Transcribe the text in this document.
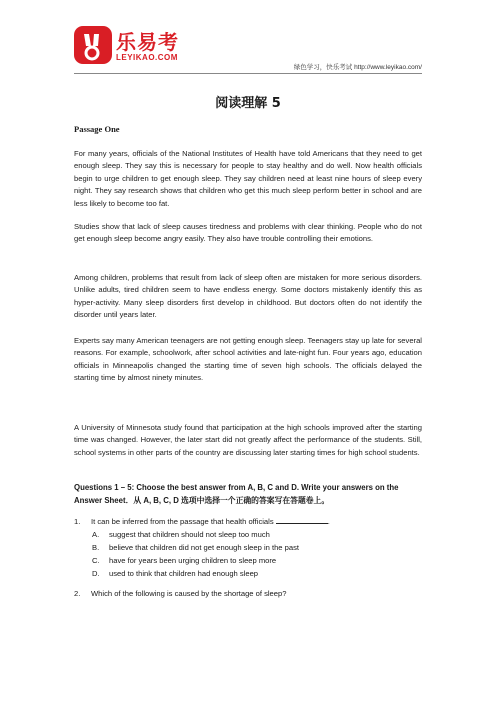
乐易考
LEYIKAO.COM
绿色学习，快乐考试 http://www.leyikao.com/
阅读理解 5
Passage One
For many years, officials of the National Institutes of Health have told Americans that they need to get enough sleep. They say this is necessary for people to stay healthy and do well. Now health officials begin to urge children to get enough sleep. They say children need at least nine hours of sleep every night. They say research shows that children who get this much sleep perform better in school and are less likely to become too fat.
Studies show that lack of sleep causes tiredness and problems with clear thinking. People who do not get enough sleep become angry easily. They also have trouble controlling their emotions.
Among children, problems that result from lack of sleep often are mistaken for more serious disorders. Unlike adults, tired children seem to have endless energy. Some doctors mistakenly identify this as hyper-activity. Many sleep disorders first develop in childhood. But doctors often do not identify the disorder until years later.
Experts say many American teenagers are not getting enough sleep. Teenagers stay up late for several reasons. For example, schoolwork, after school activities and late-night fun. Four years ago, education officials in Minneapolis changed the starting time of seven high schools. The officials delayed the starting time by almost ninety minutes.
A University of Minnesota study found that participation at the high schools improved after the starting time was changed. However, the later start did not greatly affect the performance of the students. Still, school systems in other parts of the country are discussing later starting times for high school students.
Questions 1 – 5: Choose the best answer from A, B, C and D. Write your answers on the Answer Sheet．从 A, B, C, D 选项中选择一个正确的答案写在答题卷上。
1. It can be inferred from the passage that health officials	.
A. suggest that children should not sleep too much
B. believe that children did not get enough sleep in the past
C. have for years been urging children to sleep more
D. used to think that children had enough sleep
2. Which of the following is caused by the shortage of sleep?
